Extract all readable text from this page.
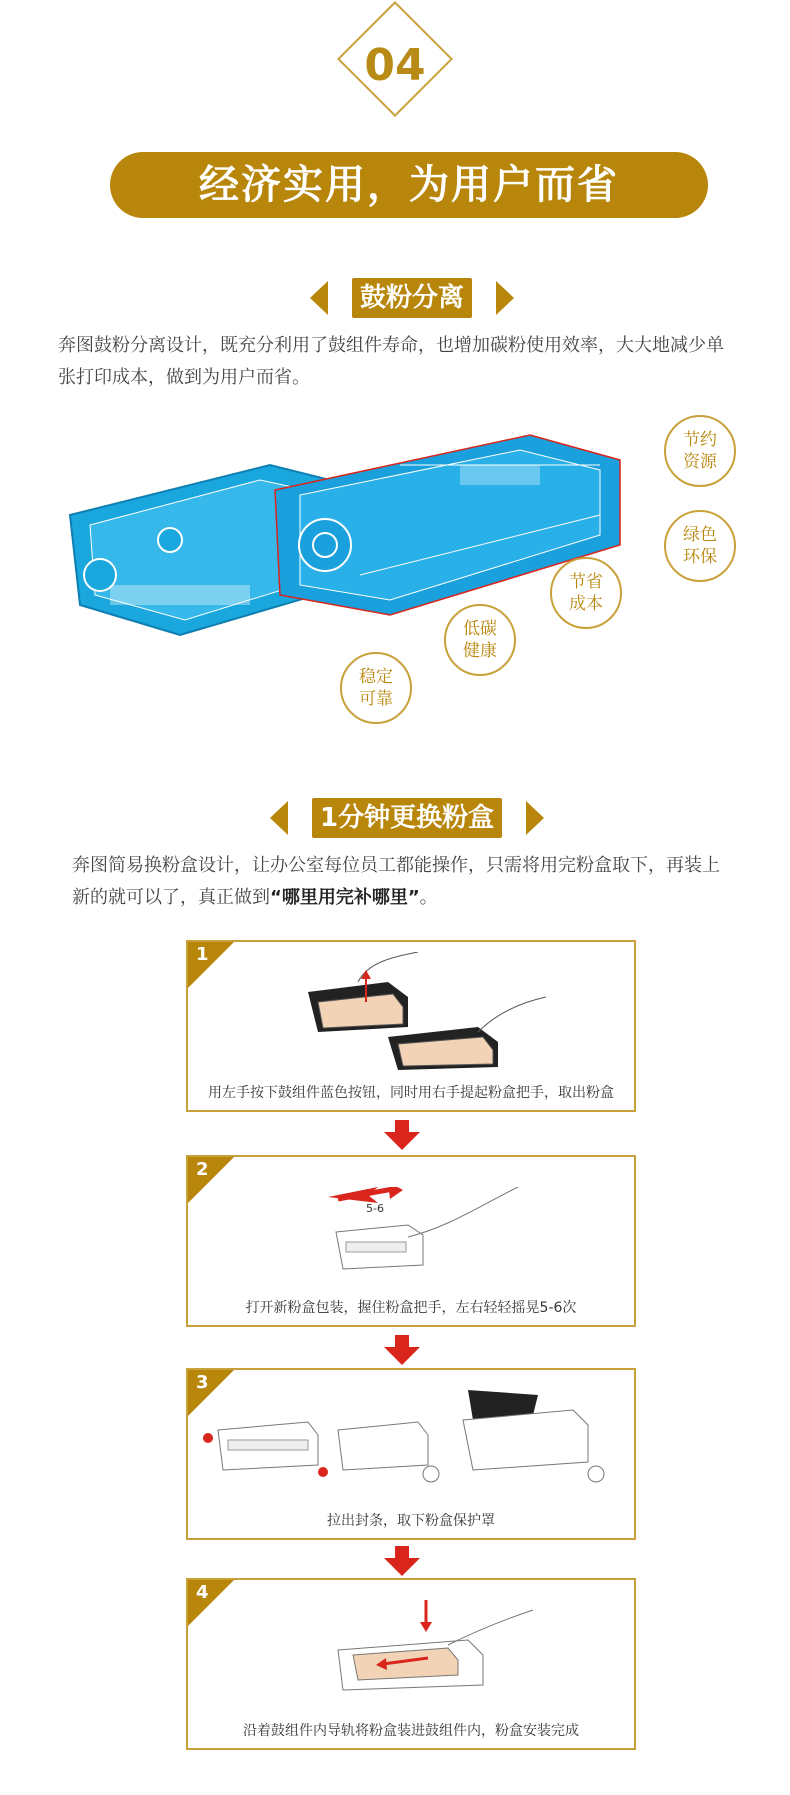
04
经济实用，为用户而省
鼓粉分离
奔图鼓粉分离设计，既充分利用了鼓组件寿命，也增加碳粉使用效率，大大地减少单张打印成本，做到为用户而省。
节约
资源
绿色
环保
节省
成本
低碳
健康
稳定
可靠
1分钟更换粉盒
奔图简易换粉盒设计，让办公室每位员工都能操作，只需将用完粉盒取下，再装上新的就可以了，真正做到“哪里用完补哪里”。
1
用左手按下鼓组件蓝色按钮，同时用右手提起粉盒把手，取出粉盒
2
5-6
打开新粉盒包装，握住粉盒把手，左右轻轻摇晃5-6次
3
拉出封条，取下粉盒保护罩
4
沿着鼓组件内导轨将粉盒装进鼓组件内，粉盒安装完成
